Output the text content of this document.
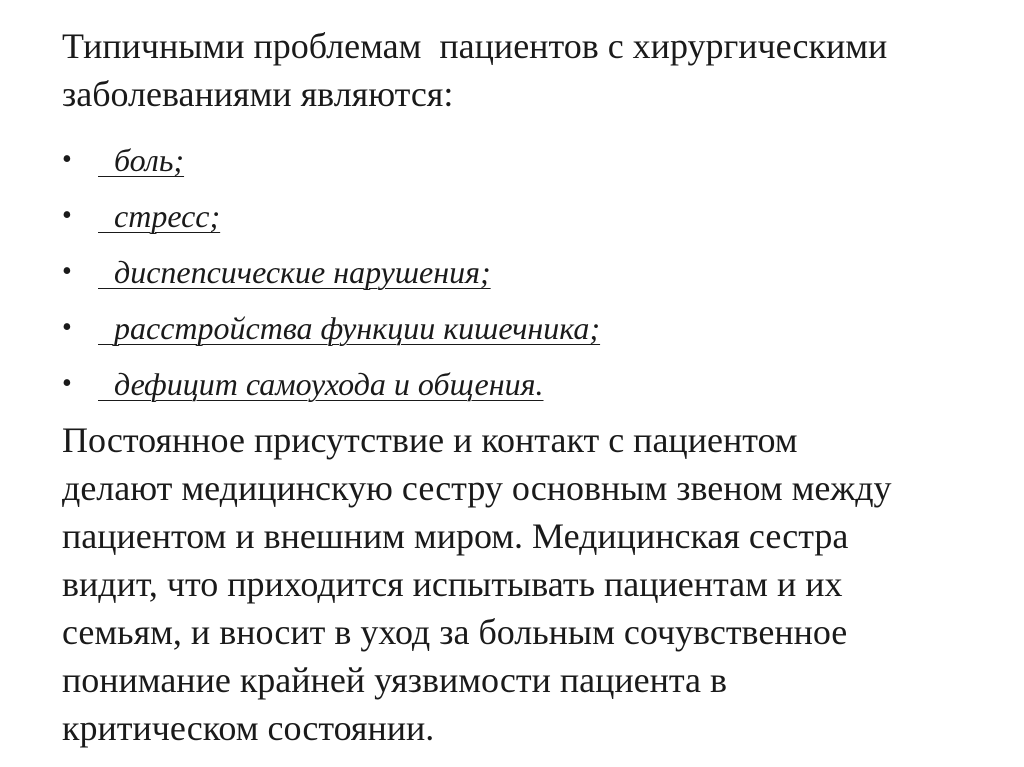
Типичными проблемам  пациентов с хирургическими
заболеваниями являются:

• боль;
• стресс;
• диспепсические нарушения;
• расстройства функции кишечника;
• дефицит самоухода и общения.

Постоянное присутствие и контакт с пациентом
делают медицинскую сестру основным звеном между
пациентом и внешним миром. Медицинская сестра
видит, что приходится испытывать пациентам и их
семьям, и вносит в уход за больным сочувственное
понимание крайней уязвимости пациента в
критическом состоянии.
